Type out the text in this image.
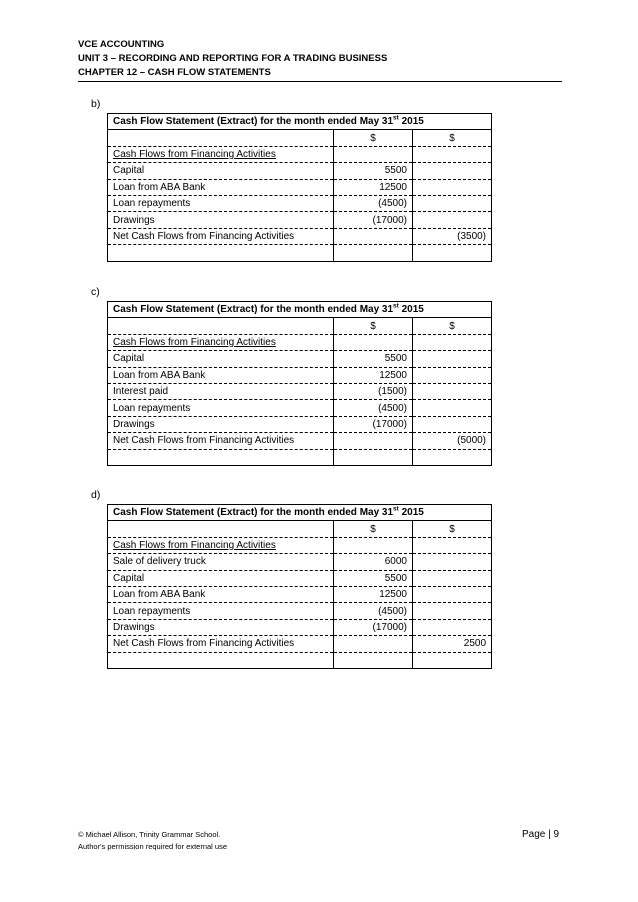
VCE ACCOUNTING
UNIT 3 – RECORDING AND REPORTING FOR A TRADING BUSINESS
CHAPTER 12 – CASH FLOW STATEMENTS
b)
Cash Flow Statement (Extract) for the month ended May 31st 2015		
	$	$
Cash Flows from Financing Activities		
Capital	5500	
Loan from ABA Bank	12500	
Loan repayments	(4500)	
Drawings	(17000)	
Net Cash Flows from Financing Activities		(3500)

c)
Cash Flow Statement (Extract) for the month ended May 31st 2015		
	$	$
Cash Flows from Financing Activities		
Capital	5500	
Loan from ABA Bank	12500	
Interest paid	(1500)	
Loan repayments	(4500)	
Drawings	(17000)	
Net Cash Flows from Financing Activities		(5000)

d)
Cash Flow Statement (Extract) for the month ended May 31st 2015		
	$	$
Cash Flows from Financing Activities		
Sale of delivery truck	6000	
Capital	5500	
Loan from ABA Bank	12500	
Loan repayments	(4500)	
Drawings	(17000)	
Net Cash Flows from Financing Activities		2500

© Michael Allison, Trinity Grammar School.
Author's permission required for external use
Page | 9
